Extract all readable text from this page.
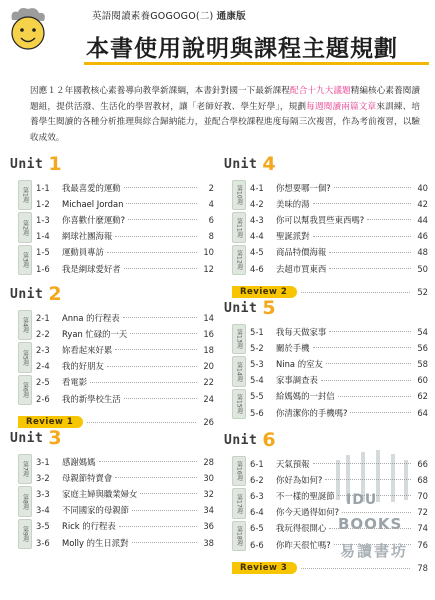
英語閱讀素養GOGOGO(二) 通康版
本書使用說明與課程主題規劃
因應１２年國教核心素養導向教學新課綱，本書針對國一下最新課程配合十九大議題精編核心素養閱讀題組，提供活潑、生活化的學習教材，讓「老師好教、學生好學」，規劃每週閱讀兩篇文章來訓練、培養學生閱讀的各種分析推理與綜合歸納能力，並配合學校課程進度每隔三次複習，作為考前複習，以驗收成效。
Unit 1
第1週
第2週
第3週
1-1	我最喜愛的運動	2
1-2	Michael Jordan	4
1-3	你喜歡什麼運動?	6
1-4	網球社團海報	8
1-5	運動員專訪	10
1-6	我是網球愛好者	12
Unit 2
第4週
第5週
第6週
2-1	Anna 的行程表	14
2-2	Ryan 忙碌的一天	16
2-3	妳看起來好累	18
2-4	我的好朋友	20
2-5	看電影	22
2-6	我的新學校生活	24
Review 1	26
Unit 3
第7週
第8週
第9週
3-1	感謝媽媽	28
3-2	母親節特賣會	30
3-3	家庭主婦與職業婦女	32
3-4	不同國家的母親節	34
3-5	Rick 的行程表	36
3-6	Molly 的生日派對	38
Unit 4
第10週
第11週
第12週
4-1	你想要哪一個?	40
4-2	美味的湯	42
4-3	你可以幫我買些東西嗎?	44
4-4	聖誕派對	46
4-5	商品特價海報	48
4-6	去超市買東西	50
Review 2	52
Unit 5
第13週
第14週
第15週
5-1	我每天做家事	54
5-2	關於手機	56
5-3	Nina 的室友	58
5-4	家事調查表	60
5-5	給媽媽的一封信	62
5-6	你清潔你的手機嗎?	64
Unit 6
第16週
第17週
第18週
6-1	天氣預報	66
6-2	你好為如何?	68
6-3	不一樣的聖誕節	70
6-4	你今天過得如何?	72
6-5	我玩得很開心	74
6-6	你昨天很忙嗎?	76
Review 3	78
IDU
BOOKS
易讀書坊
